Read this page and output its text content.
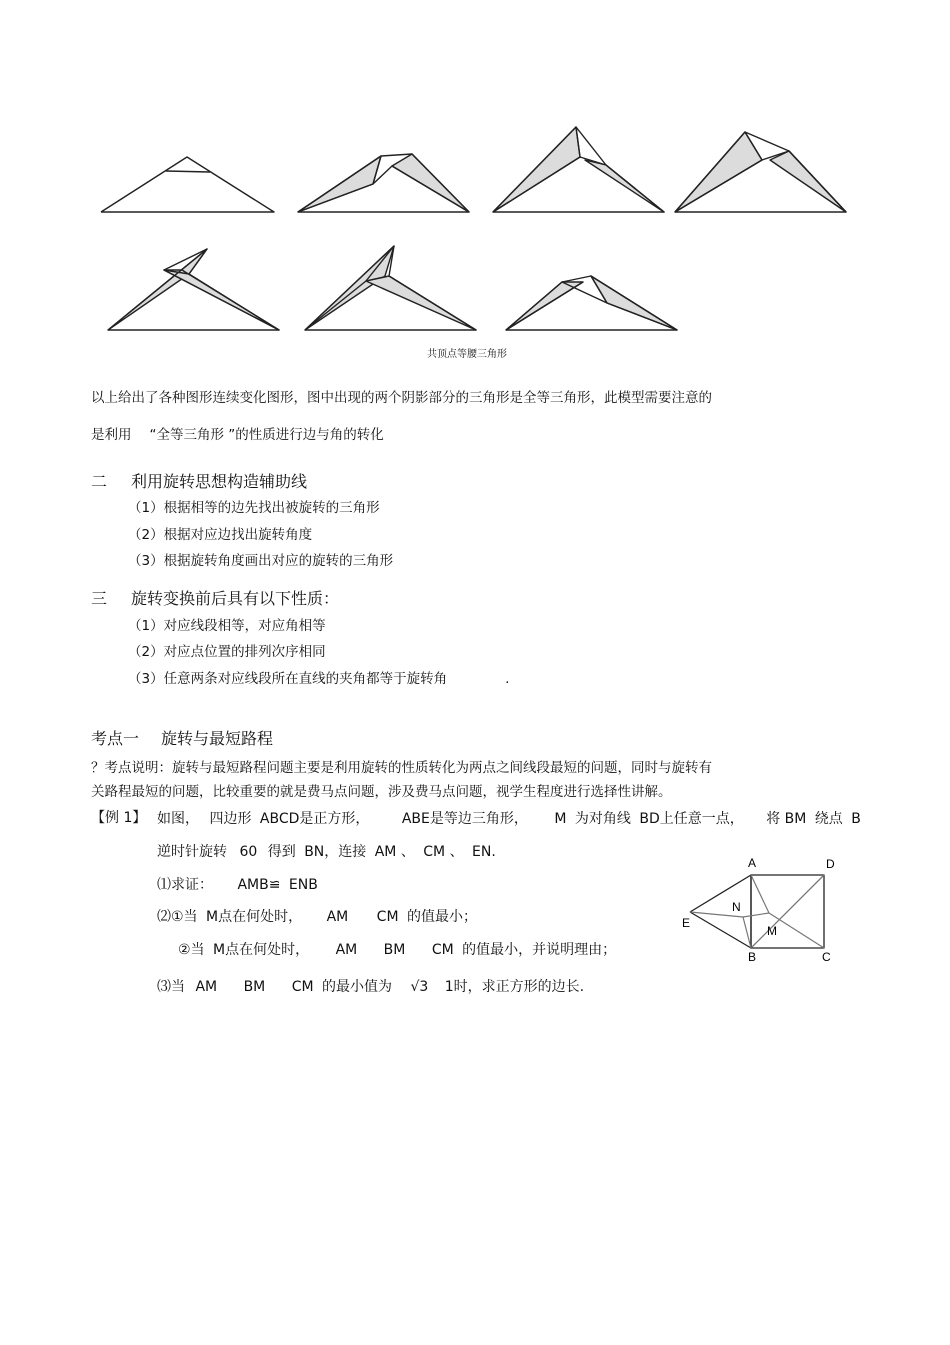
共顶点等腰三角形
以上给出了各种图形连续变化图形，图中出现的两个阴影部分的三角形是全等三角形，此模型需要注意的
是利用 “全等三角形 ”的性质进行边与角的转化
二 利用旋转思想构造辅助线
（1）根据相等的边先找出被旋转的三角形
（2）根据对应边找出旋转角度
（3）根据旋转角度画出对应的旋转的三角形
三 旋转变换前后具有以下性质：
（1）对应线段相等，对应角相等
（2）对应点位置的排列次序相同
（3）任意两条对应线段所在直线的夹角都等于旋转角	.
考点一 旋转与最短路程
？考点说明：旋转与最短路程问题主要是利用旋转的性质转化为两点之间线段最短的问题，同时与旋转有
关路程最短的问题，比较重要的就是费马点问题，涉及费马点问题，视学生程度进行选择性讲解。
【例 1】 如图， 四边形 ABCD是正方形， ABE是等边三角形， M 为对角线 BD上任意一点， 将 BM 绕点 B
逆时针旋转 60 得到 BN，连接 AM 、 CM 、 EN.
⑴求证： AMB≌ ENB
⑵①当 M点在何处时， AM CM 的值最小；
②当 M点在何处时， AM BM CM 的值最小，并说明理由；
⑶当 AM BM CM 的最小值为 √3 1时，求正方形的边长.
A	D
E
N
M
B	C
